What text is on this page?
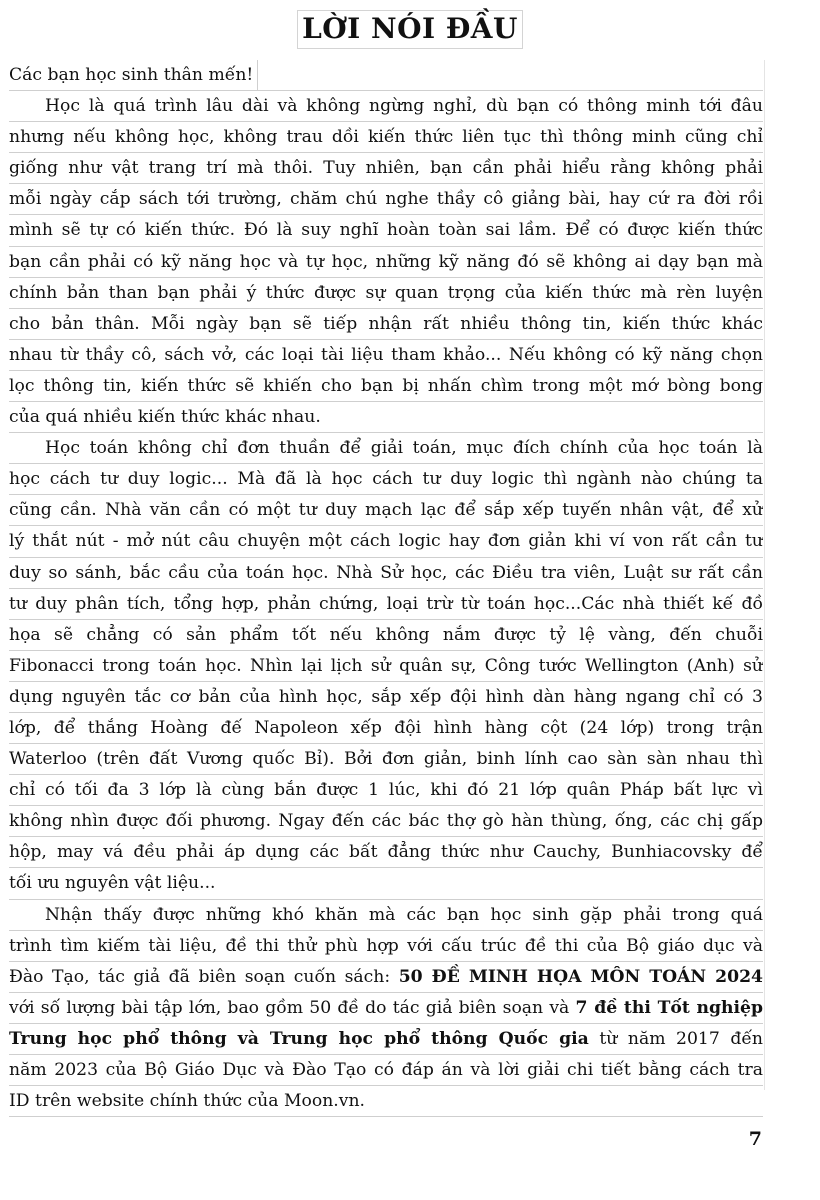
LỜI NÓI ĐẦU
Các bạn học sinh thân mến!
Học là quá trình lâu dài và không ngừng nghỉ, dù bạn có thông minh tới đâu
nhưng nếu không học, không trau dồi kiến thức liên tục thì thông minh cũng chỉ
giống như vật trang trí mà thôi. Tuy nhiên, bạn cần phải hiểu rằng không phải
mỗi ngày cắp sách tới trường, chăm chú nghe thầy cô giảng bài, hay cứ ra đời rồi
mình sẽ tự có kiến thức. Đó là suy nghĩ hoàn toàn sai lầm. Để có được kiến thức
bạn cần phải có kỹ năng học và tự học, những kỹ năng đó sẽ không ai dạy bạn mà
chính bản than bạn phải ý thức được sự quan trọng của kiến thức mà rèn luyện
cho bản thân. Mỗi ngày bạn sẽ tiếp nhận rất nhiều thông tin, kiến thức khác
nhau từ thầy cô, sách vở, các loại tài liệu tham khảo... Nếu không có kỹ năng chọn
lọc thông tin, kiến thức sẽ khiến cho bạn bị nhấn chìm trong một mớ bòng bong
của quá nhiều kiến thức khác nhau.
Học toán không chỉ đơn thuần để giải toán, mục đích chính của học toán là
học cách tư duy logic... Mà đã là học cách tư duy logic thì ngành nào chúng ta
cũng cần. Nhà văn cần có một tư duy mạch lạc để sắp xếp tuyến nhân vật, để xử
lý thắt nút - mở nút câu chuyện một cách logic hay đơn giản khi ví von rất cần tư
duy so sánh, bắc cầu của toán học. Nhà Sử học, các Điều tra viên, Luật sư rất cần
tư duy phân tích, tổng hợp, phản chứng, loại trừ từ toán học...Các nhà thiết kế đồ
họa sẽ chẳng có sản phẩm tốt nếu không nắm được tỷ lệ vàng, đến chuỗi
Fibonacci trong toán học. Nhìn lại lịch sử quân sự, Công tước Wellington (Anh) sử
dụng nguyên tắc cơ bản của hình học, sắp xếp đội hình dàn hàng ngang chỉ có 3
lớp, để thắng Hoàng đế Napoleon xếp đội hình hàng cột (24 lớp) trong trận
Waterloo (trên đất Vương quốc Bỉ). Bởi đơn giản, binh lính cao sàn sàn nhau thì
chỉ có tối đa 3 lớp là cùng bắn được 1 lúc, khi đó 21 lớp quân Pháp bất lực vì
không nhìn được đối phương. Ngay đến các bác thợ gò hàn thùng, ống, các chị gấp
hộp, may vá đều phải áp dụng các bất đẳng thức như Cauchy, Bunhiacovsky để
tối ưu nguyên vật liệu...
Nhận thấy được những khó khăn mà các bạn học sinh gặp phải trong quá
trình tìm kiếm tài liệu, đề thi thử phù hợp với cấu trúc đề thi của Bộ giáo dục và
Đào Tạo, tác giả đã biên soạn cuốn sách: 50 ĐỀ MINH HỌA MÔN TOÁN 2024
với số lượng bài tập lớn, bao gồm 50 đề do tác giả biên soạn và 7 đề thi Tốt nghiệp
Trung học phổ thông và Trung học phổ thông Quốc gia từ năm 2017 đến
năm 2023 của Bộ Giáo Dục và Đào Tạo có đáp án và lời giải chi tiết bằng cách tra
ID trên website chính thức của Moon.vn.
7
